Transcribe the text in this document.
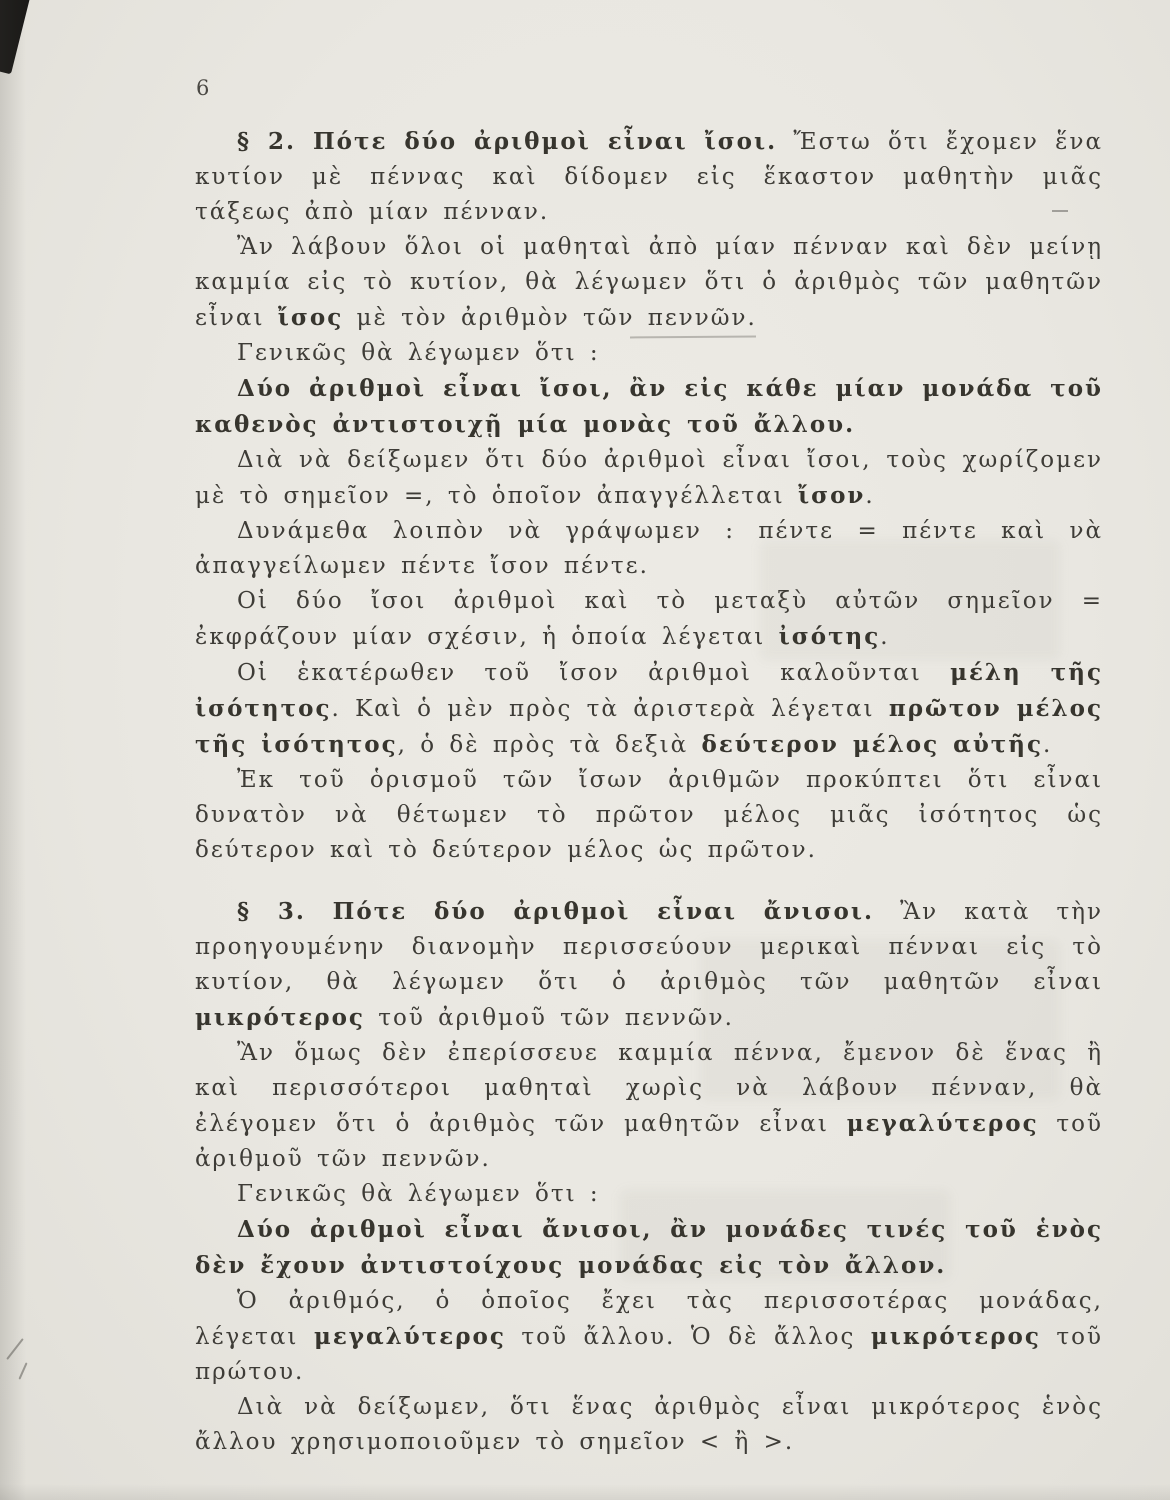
6

§ 2. Πότε δύο ἀριθμοὶ εἶναι ἴσοι. Ἔστω ὅτι ἔχομεν ἕνα κυτίον μὲ πέννας καὶ δίδομεν εἰς ἕκαστον μαθητὴν μιᾶς τάξεως ἀπὸ μίαν πένναν.

Ἂν λάβουν ὅλοι οἱ μαθηταὶ ἀπὸ μίαν πένναν καὶ δὲν μείνῃ καμμία εἰς τὸ κυτίον, θὰ λέγωμεν ὅτι ὁ ἀριθμὸς τῶν μαθητῶν εἶναι ἴσος μὲ τὸν ἀριθμὸν τῶν πεννῶν.

Γενικῶς θὰ λέγωμεν ὅτι :

Δύο ἀριθμοὶ εἶναι ἴσοι, ἂν εἰς κάθε μίαν μονάδα τοῦ καθενὸς ἀντιστοιχῇ μία μονὰς τοῦ ἄλλου.

Διὰ νὰ δείξωμεν ὅτι δύο ἀριθμοὶ εἶναι ἴσοι, τοὺς χωρίζομεν μὲ τὸ σημεῖον =, τὸ ὁποῖον ἀπαγγέλλεται ἴσον.

Δυνάμεθα λοιπὸν νὰ γράψωμεν : πέντε = πέντε καὶ νὰ ἀπαγγείλωμεν πέντε ἴσον πέντε.

Οἱ δύο ἴσοι ἀριθμοὶ καὶ τὸ μεταξὺ αὐτῶν σημεῖον = ἐκφράζουν μίαν σχέσιν, ἡ ὁποία λέγεται ἰσότης.

Οἱ ἑκατέρωθεν τοῦ ἴσον ἀριθμοὶ καλοῦνται μέλη τῆς ἰσότητος. Καὶ ὁ μὲν πρὸς τὰ ἀριστερὰ λέγεται πρῶτον μέλος τῆς ἰσότητος, ὁ δὲ πρὸς τὰ δεξιὰ δεύτερον μέλος αὐτῆς.

Ἐκ τοῦ ὁρισμοῦ τῶν ἴσων ἀριθμῶν προκύπτει ὅτι εἶναι δυνατὸν νὰ θέτωμεν τὸ πρῶτον μέλος μιᾶς ἰσότητος ὡς δεύτερον καὶ τὸ δεύτερον μέλος ὡς πρῶτον.

§ 3. Πότε δύο ἀριθμοὶ εἶναι ἄνισοι. Ἂν κατὰ τὴν προηγουμένην διανομὴν περισσεύουν μερικαὶ πένναι εἰς τὸ κυτίον, θὰ λέγωμεν ὅτι ὁ ἀριθμὸς τῶν μαθητῶν εἶναι μικρότερος τοῦ ἀριθμοῦ τῶν πεννῶν.

Ἂν ὅμως δὲν ἐπερίσσευε καμμία πέννα, ἔμενον δὲ ἕνας ἢ καὶ περισσότεροι μαθηταὶ χωρὶς νὰ λάβουν πένναν, θὰ ἐλέγομεν ὅτι ὁ ἀριθμὸς τῶν μαθητῶν εἶναι μεγαλύτερος τοῦ ἀριθμοῦ τῶν πεννῶν.

Γενικῶς θὰ λέγωμεν ὅτι :

Δύο ἀριθμοὶ εἶναι ἄνισοι, ἂν μονάδες τινές τοῦ ἑνὸς δὲν ἔχουν ἀντιστοίχους μονάδας εἰς τὸν ἄλλον.

Ὁ ἀριθμός, ὁ ὁποῖος ἔχει τὰς περισσοτέρας μονάδας, λέγεται μεγαλύτερος τοῦ ἄλλου. Ὁ δὲ ἄλλος μικρότερος τοῦ πρώτου.

Διὰ νὰ δείξωμεν, ὅτι ἕνας ἀριθμὸς εἶναι μικρότερος ἑνὸς ἄλλου χρησιμοποιοῦμεν τὸ σημεῖον < ἢ >.
